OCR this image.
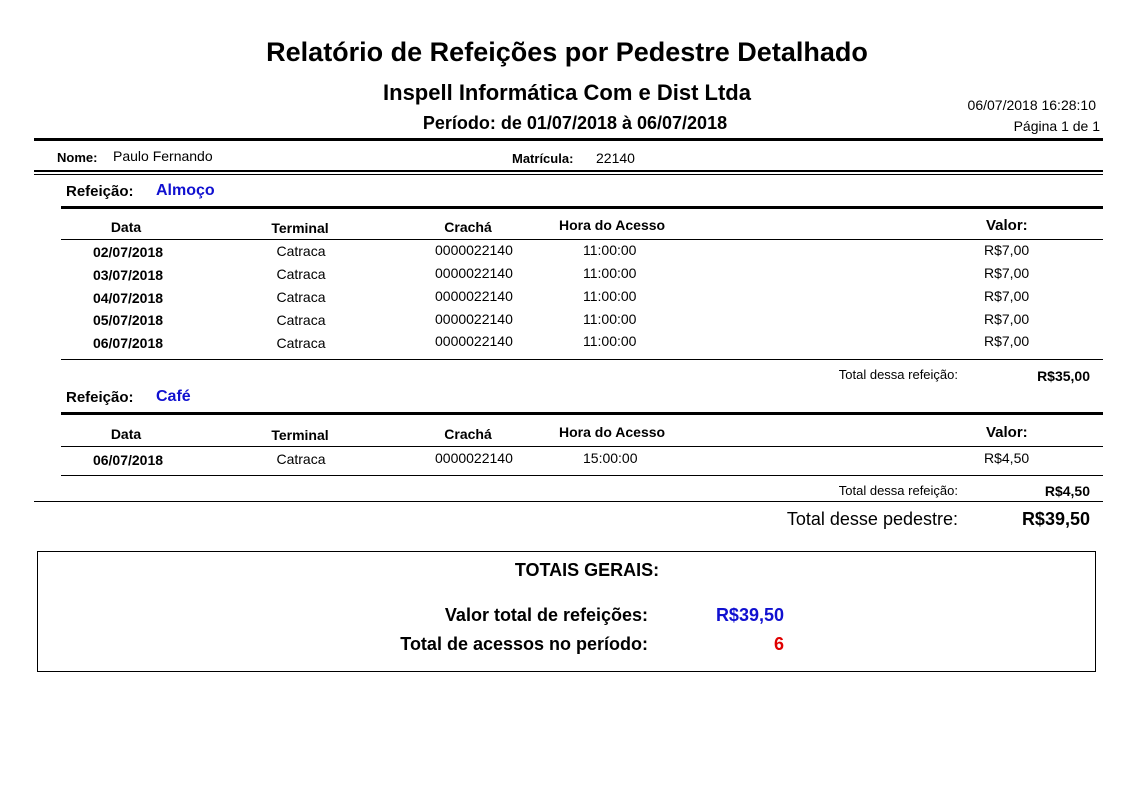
Relatório de Refeições por Pedestre Detalhado
Inspell Informática Com e Dist Ltda
Período: de 01/07/2018 à 06/07/2018
06/07/2018 16:28:10
Página 1 de 1
Nome: Paulo Fernando	Matrícula: 22140
Refeição: Almoço
Data	Terminal	Crachá	Hora do Acesso	Valor:
02/07/2018	Catraca	0000022140	11:00:00	R$7,00
03/07/2018	Catraca	0000022140	11:00:00	R$7,00
04/07/2018	Catraca	0000022140	11:00:00	R$7,00
05/07/2018	Catraca	0000022140	11:00:00	R$7,00
06/07/2018	Catraca	0000022140	11:00:00	R$7,00
Total dessa refeição:	R$35,00
Refeição: Café
Data	Terminal	Crachá	Hora do Acesso	Valor:
06/07/2018	Catraca	0000022140	15:00:00	R$4,50
Total dessa refeição:	R$4,50
Total desse pedestre:	R$39,50
TOTAIS GERAIS:
Valor total de refeições:	R$39,50
Total de acessos no período:	6
